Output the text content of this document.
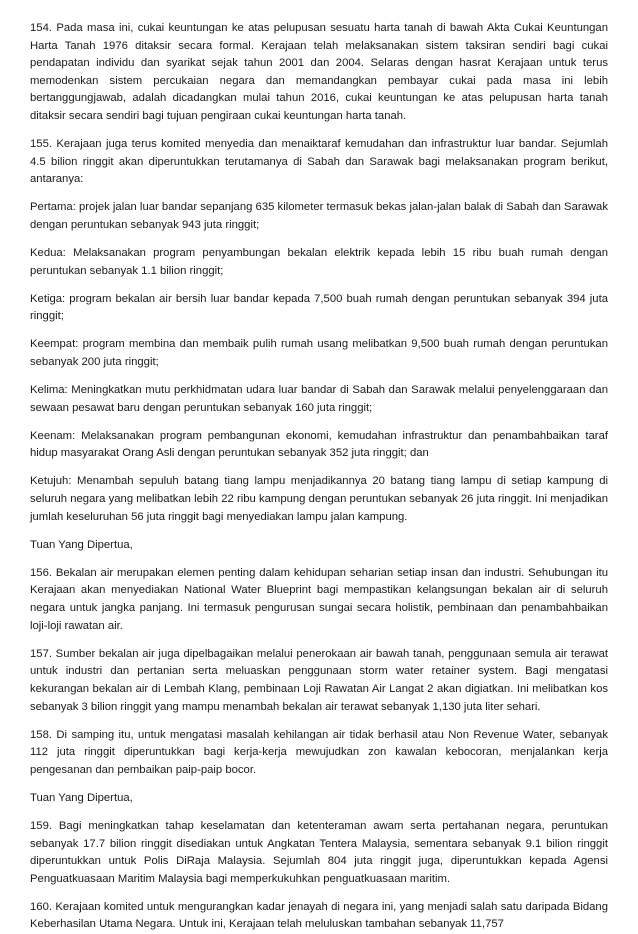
154. Pada masa ini, cukai keuntungan ke atas pelupusan sesuatu harta tanah di bawah Akta Cukai Keuntungan Harta Tanah 1976 ditaksir secara formal. Kerajaan telah melaksanakan sistem taksiran sendiri bagi cukai pendapatan individu dan syarikat sejak tahun 2001 dan 2004. Selaras dengan hasrat Kerajaan untuk terus memodenkan sistem percukaian negara dan memandangkan pembayar cukai pada masa ini lebih bertanggungjawab, adalah dicadangkan mulai tahun 2016, cukai keuntungan ke atas pelupusan harta tanah ditaksir secara sendiri bagi tujuan pengiraan cukai keuntungan harta tanah.

155. Kerajaan juga terus komited menyedia dan menaiktaraf kemudahan dan infrastruktur luar bandar. Sejumlah 4.5 bilion ringgit akan diperuntukkan terutamanya di Sabah dan Sarawak bagi melaksanakan program berikut, antaranya:

Pertama: projek jalan luar bandar sepanjang 635 kilometer termasuk bekas jalan-jalan balak di Sabah dan Sarawak dengan peruntukan sebanyak 943 juta ringgit;

Kedua: Melaksanakan program penyambungan bekalan elektrik kepada lebih 15 ribu buah rumah dengan peruntukan sebanyak 1.1 bilion ringgit;

Ketiga: program bekalan air bersih luar bandar kepada 7,500 buah rumah dengan peruntukan sebanyak 394 juta ringgit;

Keempat: program membina dan membaik pulih rumah usang melibatkan 9,500 buah rumah dengan peruntukan sebanyak 200 juta ringgit;

Kelima: Meningkatkan mutu perkhidmatan udara luar bandar di Sabah dan Sarawak melalui penyelenggaraan dan sewaan pesawat baru dengan peruntukan sebanyak 160 juta ringgit;

Keenam: Melaksanakan program pembangunan ekonomi, kemudahan infrastruktur dan penambahbaikan taraf hidup masyarakat Orang Asli dengan peruntukan sebanyak 352 juta ringgit; dan

Ketujuh: Menambah sepuluh batang tiang lampu menjadikannya 20 batang tiang lampu di setiap kampung di seluruh negara yang melibatkan lebih 22 ribu kampung dengan peruntukan sebanyak 26 juta ringgit. Ini menjadikan jumlah keseluruhan 56 juta ringgit bagi menyediakan lampu jalan kampung.

Tuan Yang Dipertua,

156. Bekalan air merupakan elemen penting dalam kehidupan seharian setiap insan dan industri. Sehubungan itu Kerajaan akan menyediakan National Water Blueprint bagi mempastikan kelangsungan bekalan air di seluruh negara untuk jangka panjang. Ini termasuk pengurusan sungai secara holistik, pembinaan dan penambahbaikan loji-loji rawatan air.

157. Sumber bekalan air juga dipelbagaikan melalui penerokaan air bawah tanah, penggunaan semula air terawat untuk industri dan pertanian serta meluaskan penggunaan storm water retainer system. Bagi mengatasi kekurangan bekalan air di Lembah Klang, pembinaan Loji Rawatan Air Langat 2 akan digiatkan. Ini melibatkan kos sebanyak 3 bilion ringgit yang mampu menambah bekalan air terawat sebanyak 1,130 juta liter sehari.

158. Di samping itu, untuk mengatasi masalah kehilangan air tidak berhasil atau Non Revenue Water, sebanyak 112 juta ringgit diperuntukkan bagi kerja-kerja mewujudkan zon kawalan kebocoran, menjalankan kerja pengesanan dan pembaikan paip-paip bocor.

Tuan Yang Dipertua,

159. Bagi meningkatkan tahap keselamatan dan ketenteraman awam serta pertahanan negara, peruntukan sebanyak 17.7 bilion ringgit disediakan untuk Angkatan Tentera Malaysia, sementara sebanyak 9.1 bilion ringgit diperuntukkan untuk Polis DiRaja Malaysia. Sejumlah 804 juta ringgit juga, diperuntukkan kepada Agensi Penguatkuasaan Maritim Malaysia bagi memperkukuhkan penguatkuasaan maritim.

160. Kerajaan komited untuk mengurangkan kadar jenayah di negara ini, yang menjadi salah satu daripada Bidang Keberhasilan Utama Negara. Untuk ini, Kerajaan telah meluluskan tambahan sebanyak 11,757
